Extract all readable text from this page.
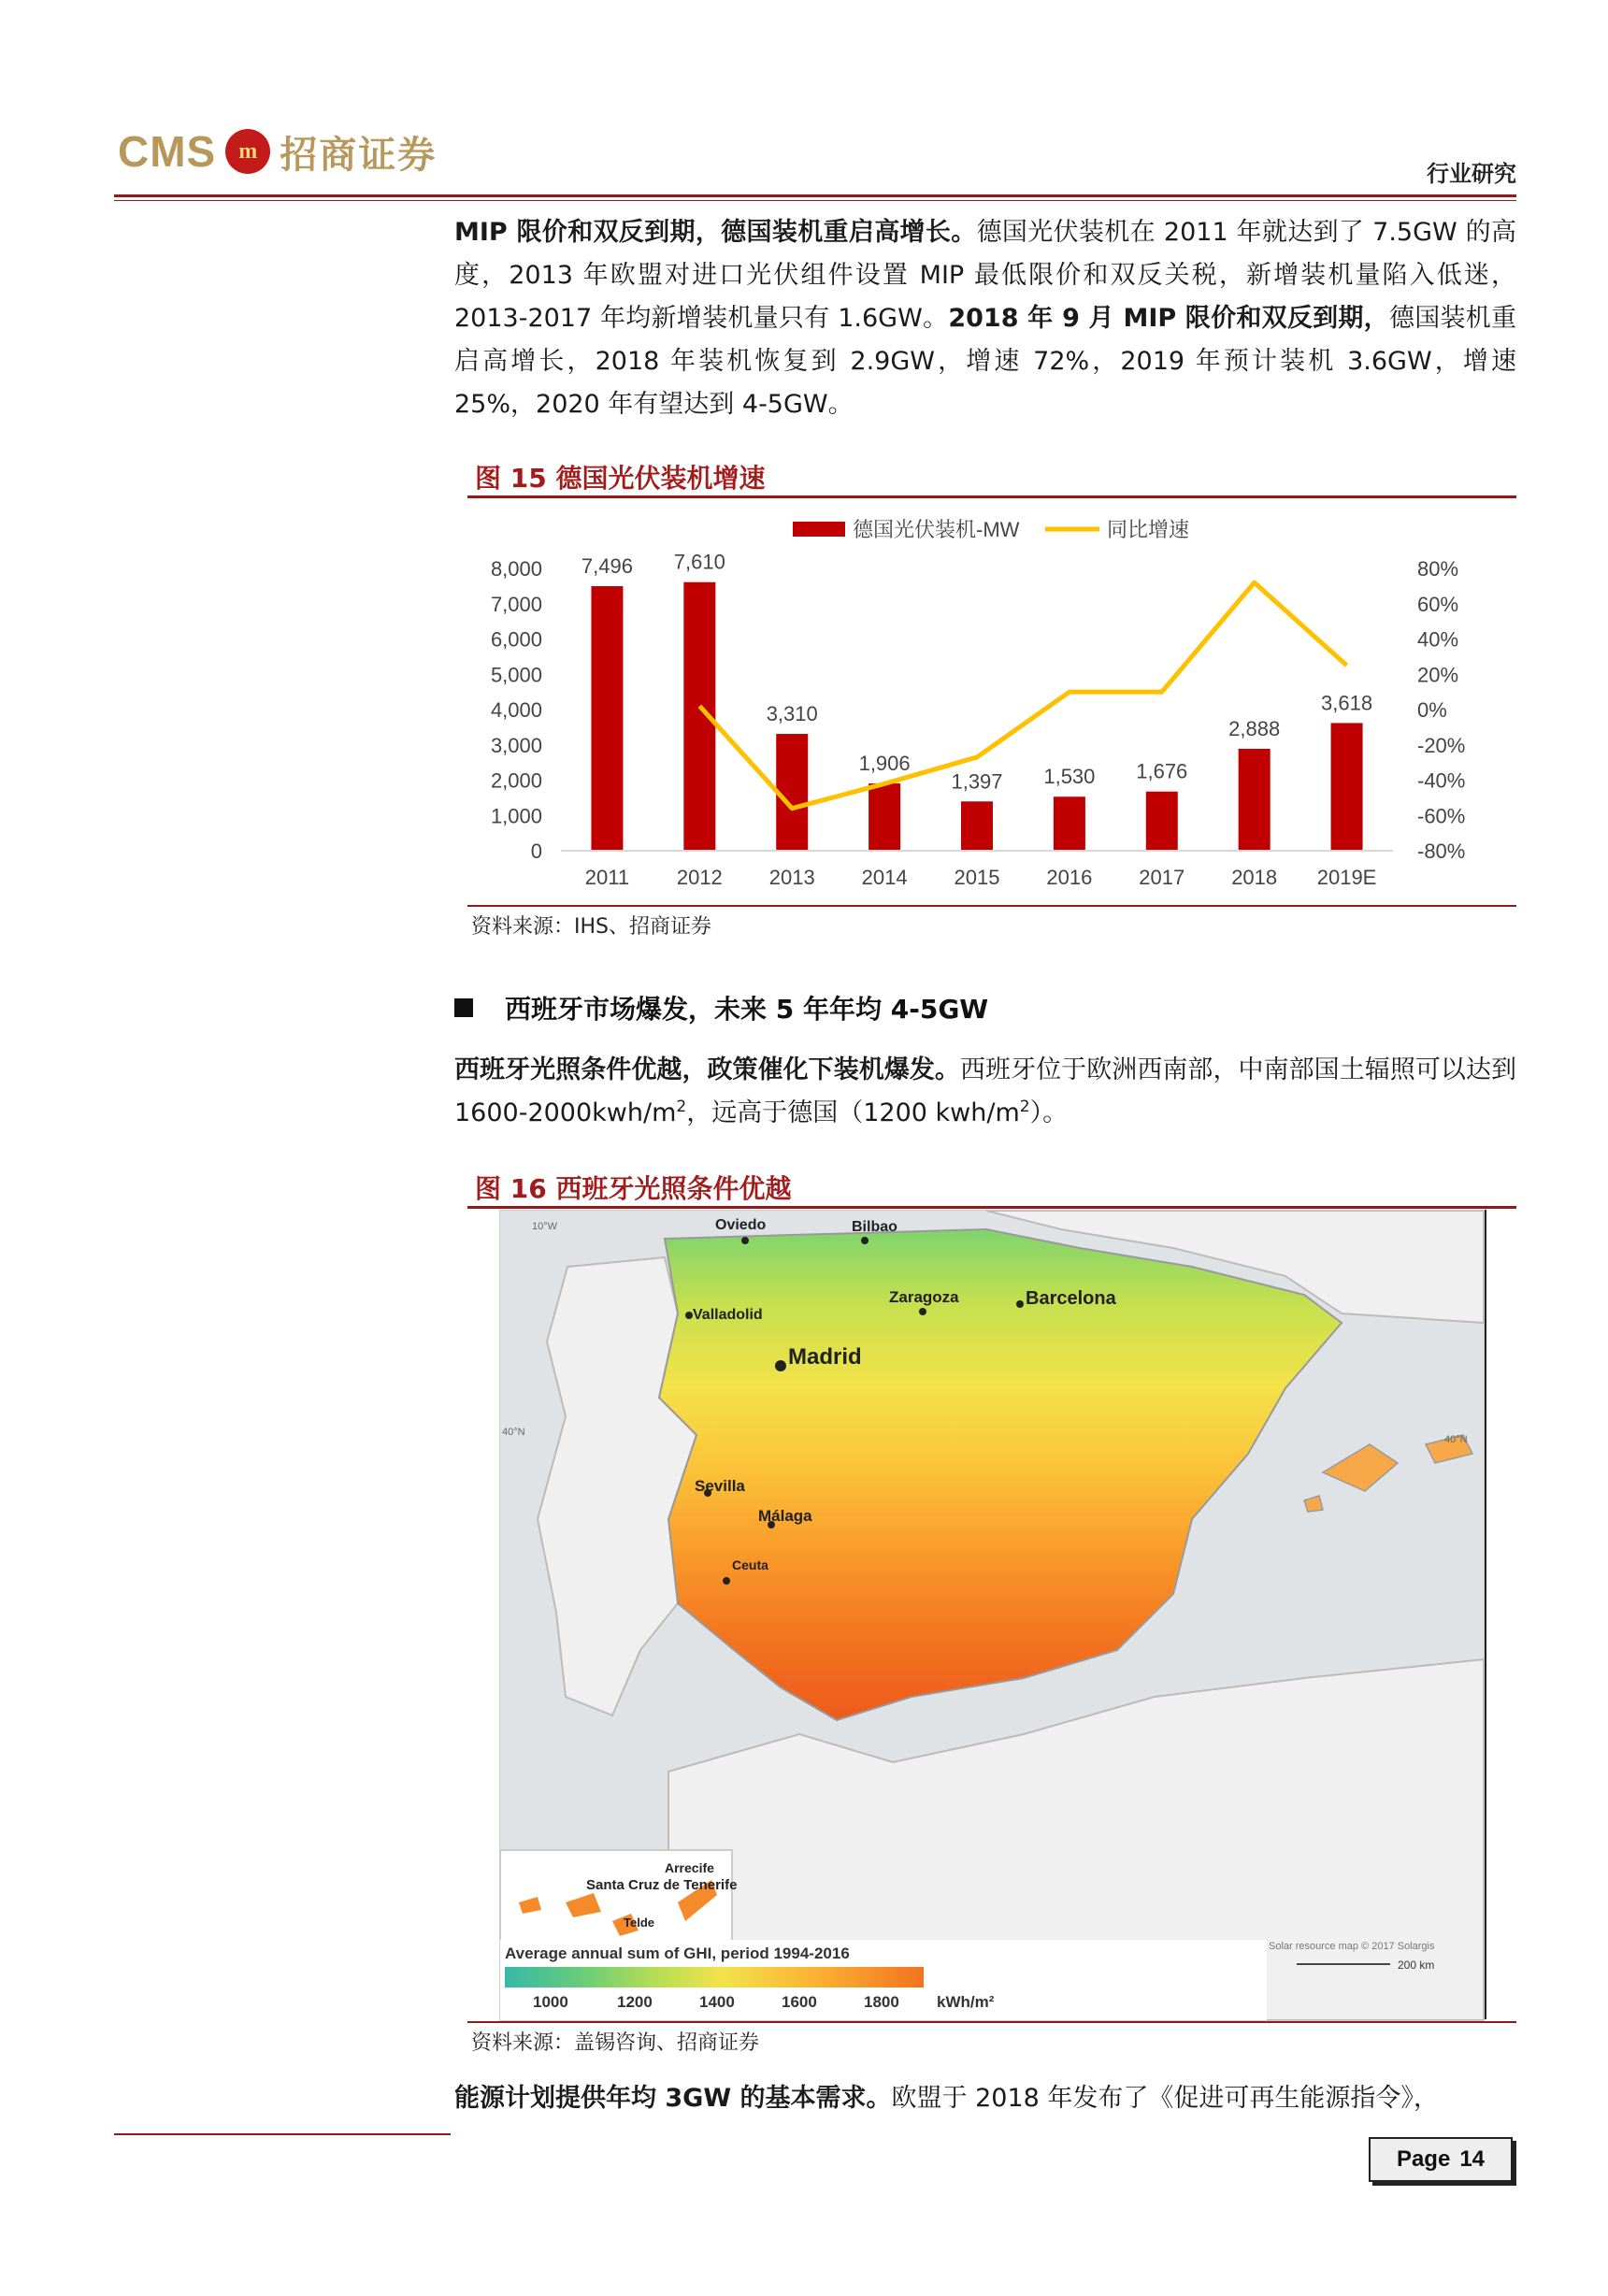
CMS	m 招商证券	行业研究
MIP 限价和双反到期，德国装机重启高增长。德国光伏装机在 2011 年就达到了 7.5GW 的高度，2013 年欧盟对进口光伏组件设置 MIP 最低限价和双反关税，新增装机量陷入低迷，2013-2017 年均新增装机量只有 1.6GW。2018 年 9 月 MIP 限价和双反到期，德国装机重启高增长，2018 年装机恢复到 2.9GW，增速 72%，2019 年预计装机 3.6GW，增速 25%，2020 年有望达到 4-5GW。
图 15 德国光伏装机增速
德国光伏装机-MW	同比增速
0
1,000
2,000
3,000
4,000
5,000
6,000
7,000
8,000
-80%
-60%
-40%
-20%
0%
20%
40%
60%
80%
7,496
2011
7,610
2012
3,310
2013
1,906
2014
1,397
2015
1,530
2016
1,676
2017
2,888
2018
3,618
2019E
资料来源：IHS、招商证券
西班牙市场爆发，未来 5 年年均 4-5GW
西班牙光照条件优越，政策催化下装机爆发。西班牙位于欧洲西南部，中南部国土辐照可以达到 $1600-2000kwh/m^2$，远高于德国（1200 kwh/$m^2$）。
图 16 西班牙光照条件优越
Oviedo	Bilbao
Zaragoza	Barcelona
Valladolid
Madrid
Sevilla
Málaga
Ceuta
Arrecife
Santa Cruz de Tenerife
Telde
10°W
40°N
40°N
Solar resource map © 2017 Solargis
200 km
Average annual sum of GHI, period 1994-2016
1000	1200	1400	1600	1800 kWh/m²
资料来源：盖锡咨询、招商证券
能源计划提供年均 3GW 的基本需求。欧盟于 2018 年发布了《促进可再生能源指令》，
Page 14
